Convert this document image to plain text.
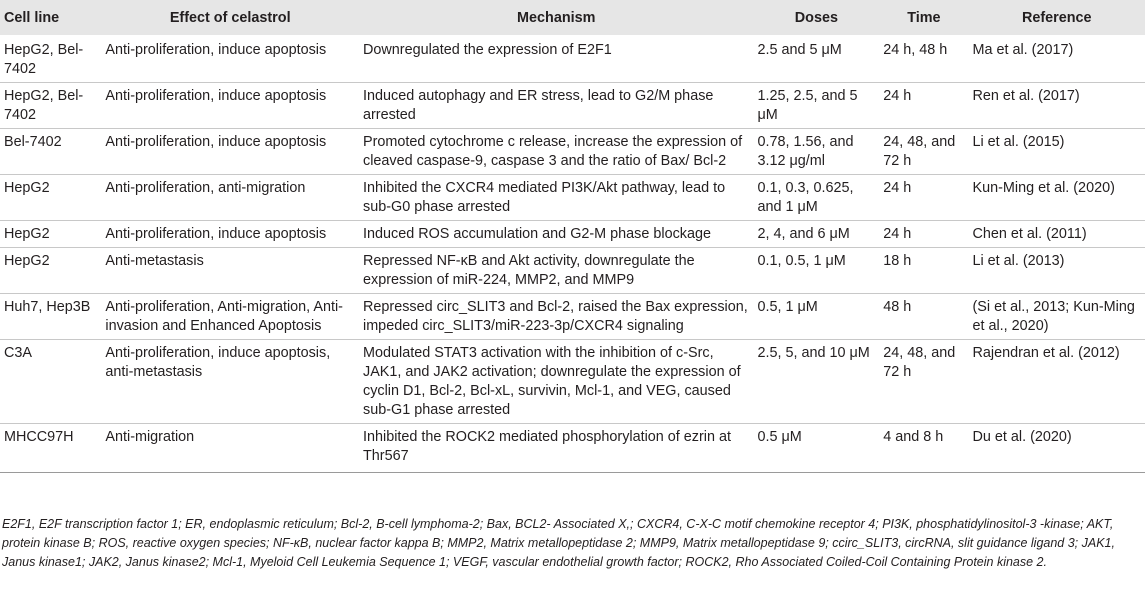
Cell line	Effect of celastrol	Mechanism	Doses	Time	Reference
HepG2, Bel-7402	Anti-proliferation, induce apoptosis	Downregulated the expression of E2F1	2.5 and 5 μM	24 h, 48 h	Ma et al. (2017)
HepG2, Bel-7402	Anti-proliferation, induce apoptosis	Induced autophagy and ER stress, lead to G2/M phase arrested	1.25, 2.5, and 5 μM	24 h	Ren et al. (2017)
Bel-7402	Anti-proliferation, induce apoptosis	Promoted cytochrome c release, increase the expression of cleaved caspase-9, caspase 3 and the ratio of Bax/ Bcl-2	0.78, 1.56, and 3.12 μg/ml	24, 48, and 72 h	Li et al. (2015)
HepG2	Anti-proliferation, anti-migration	Inhibited the CXCR4 mediated PI3K/Akt pathway, lead to sub-G0 phase arrested	0.1, 0.3, 0.625, and 1 μM	24 h	Kun-Ming et al. (2020)
HepG2	Anti-proliferation, induce apoptosis	Induced ROS accumulation and G2-M phase blockage	2, 4, and 6 μM	24 h	Chen et al. (2011)
HepG2	Anti-metastasis	Repressed NF-κB and Akt activity, downregulate the expression of miR-224, MMP2, and MMP9	0.1, 0.5, 1 μM	18 h	Li et al. (2013)
Huh7, Hep3B	Anti-proliferation, Anti-migration, Anti-invasion and Enhanced Apoptosis	Repressed circ_SLIT3 and Bcl-2, raised the Bax expression, impeded circ_SLIT3/miR-223-3p/CXCR4 signaling	0.5, 1 μM	48 h	(Si et al., 2013; Kun-Ming et al., 2020)
C3A	Anti-proliferation, induce apoptosis, anti-metastasis	Modulated STAT3 activation with the inhibition of c-Src, JAK1, and JAK2 activation; downregulate the expression of cyclin D1, Bcl-2, Bcl-xL, survivin, Mcl-1, and VEG, caused sub-G1 phase arrested	2.5, 5, and 10 μM	24, 48, and 72 h	Rajendran et al. (2012)
MHCC97H	Anti-migration	Inhibited the ROCK2 mediated phosphorylation of ezrin at Thr567	0.5 μM	4 and 8 h	Du et al. (2020)
E2F1, E2F transcription factor 1; ER, endoplasmic reticulum; Bcl-2, B-cell lymphoma-2; Bax, BCL2- Associated X,; CXCR4, C-X-C motif chemokine receptor 4; PI3K, phosphatidylinositol-3 -kinase; AKT, protein kinase B; ROS, reactive oxygen species; NF-κB, nuclear factor kappa B; MMP2, Matrix metallopeptidase 2; MMP9, Matrix metallopeptidase 9; ccirc_SLIT3, circRNA, slit guidance ligand 3; JAK1, Janus kinase1; JAK2, Janus kinase2; Mcl-1, Myeloid Cell Leukemia Sequence 1; VEGF, vascular endothelial growth factor; ROCK2, Rho Associated Coiled-Coil Containing Protein kinase 2.
